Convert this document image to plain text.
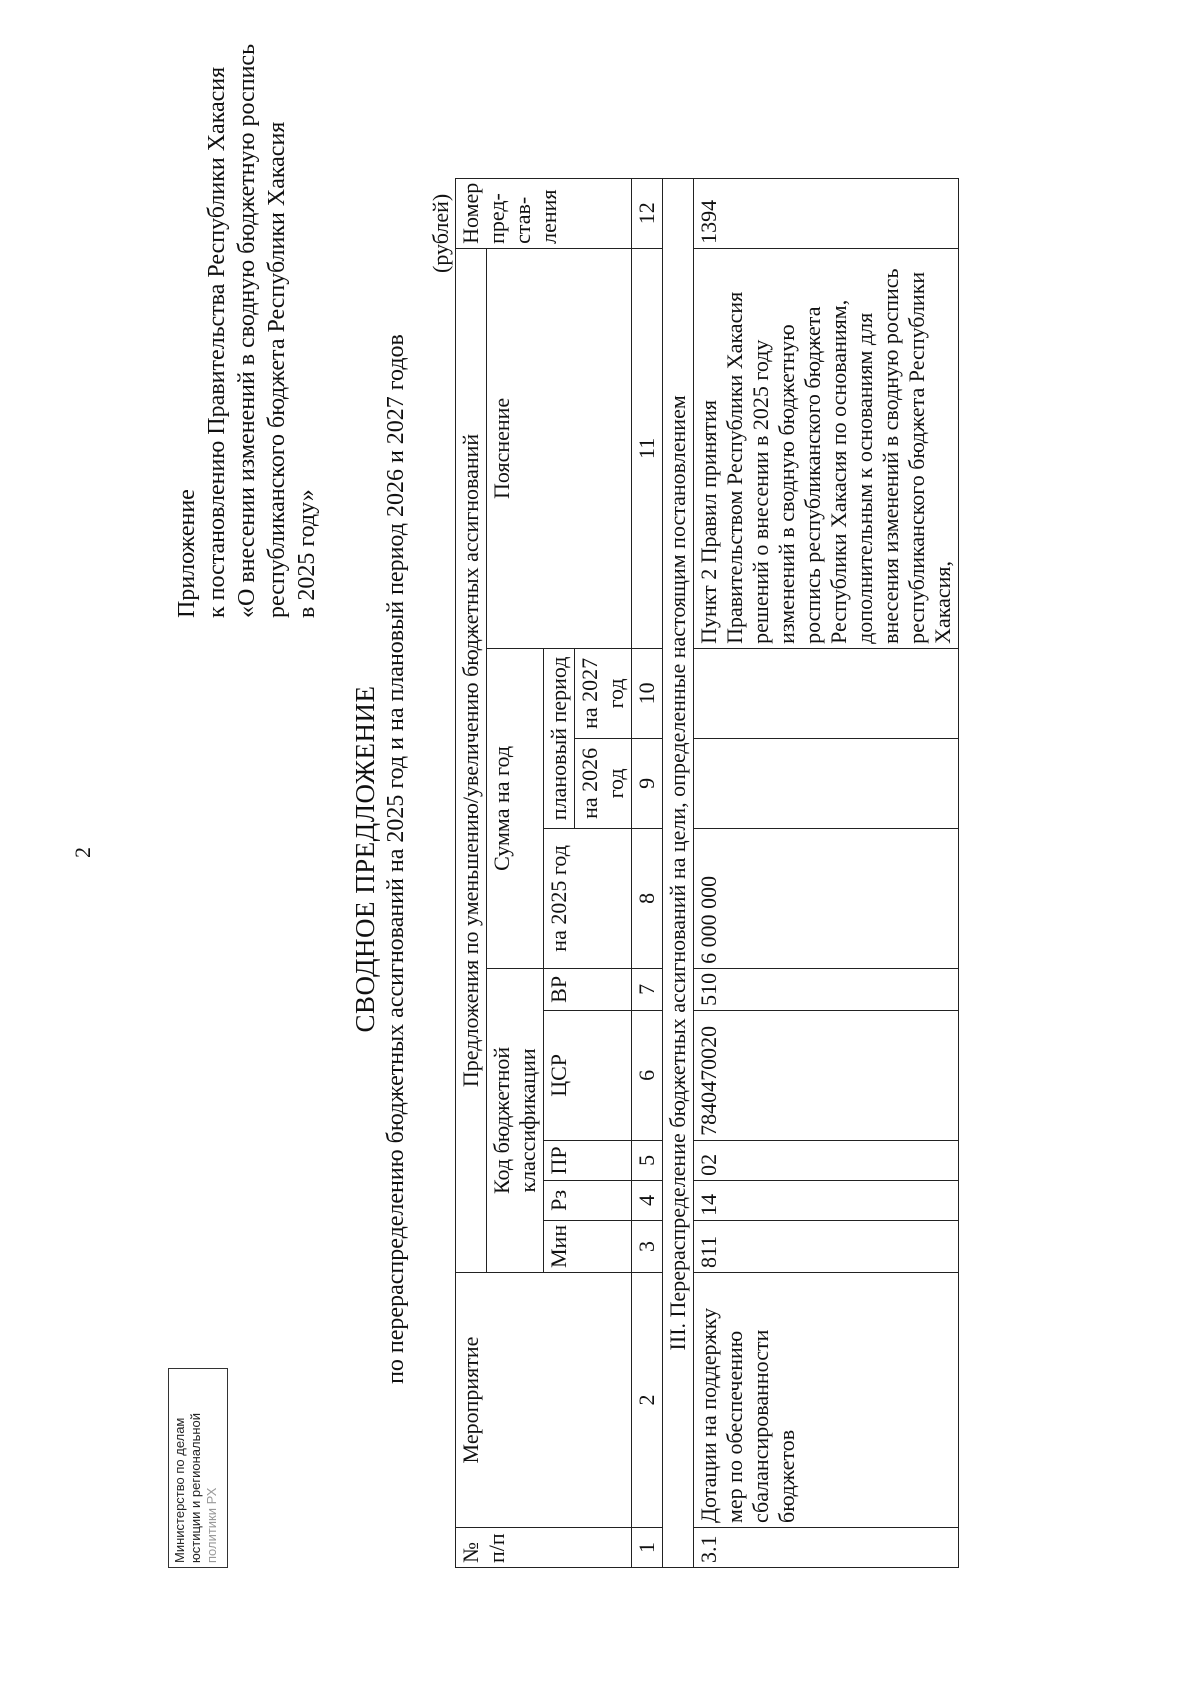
2
Приложение к постановлению Правительства Республики Хакасия «О внесении изменений в сводную бюджетную роспись республиканского бюджета Республики Хакасия в 2025 году»
СВОДНОЕ ПРЕДЛОЖЕНИЕ по перераспределению бюджетных ассигнований на 2025 год и на плановый период 2026 и 2027 годов
(рублей)
№ п/п	Мероприятие	Предложения по уменьшению/увеличению бюджетных ассигнований									Номер пред-став-ления
		Код бюджетной классификации					Сумма на год			Пояснение	
		Мин	Рз	ПР	ЦСР	ВР	на 2025 год	плановый период			
								на 2026 год	на 2027 год		
1	2	3	4	5	6	7	8	9	10	11	12
III. Перераспределение бюджетных ассигнований на цели, определенные настоящим постановлением											
3.1	Дотации на поддержку мер по обеспечению сбалансированности бюджетов	811	14	02	7840470020	510	6 000 000			Пункт 2 Правил принятия Правительством Республики Хакасия решений о внесении в 2025 году изменений в сводную бюджетную роспись республиканского бюджета Республики Хакасия по основаниям, дополнительным к основаниям для внесения изменений в сводную роспись республиканского бюджета Республики Хакасия,	1394
Министерство по делам юстиции и региональной политики РХ
